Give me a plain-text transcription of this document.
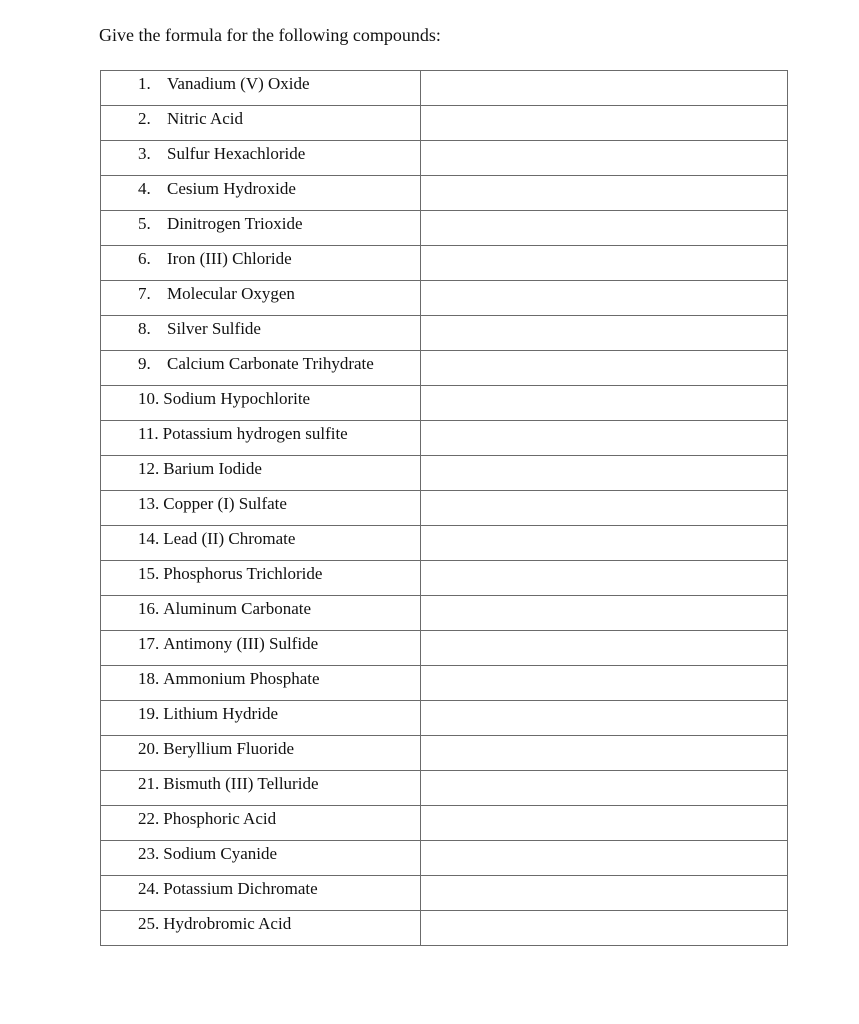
Give the formula for the following compounds:
1. Vanadium (V) Oxide	
2. Nitric Acid	
3. Sulfur Hexachloride	
4. Cesium Hydroxide	
5. Dinitrogen Trioxide	
6. Iron (III) Chloride	
7. Molecular Oxygen	
8. Silver Sulfide	
9. Calcium Carbonate Trihydrate	
10. Sodium Hypochlorite	
11. Potassium hydrogen sulfite	
12. Barium Iodide	
13. Copper (I) Sulfate	
14. Lead (II) Chromate	
15. Phosphorus Trichloride	
16. Aluminum Carbonate	
17. Antimony (III) Sulfide	
18. Ammonium Phosphate	
19. Lithium Hydride	
20. Beryllium Fluoride	
21. Bismuth (III) Telluride	
22. Phosphoric Acid	
23. Sodium Cyanide	
24. Potassium Dichromate	
25. Hydrobromic Acid	
